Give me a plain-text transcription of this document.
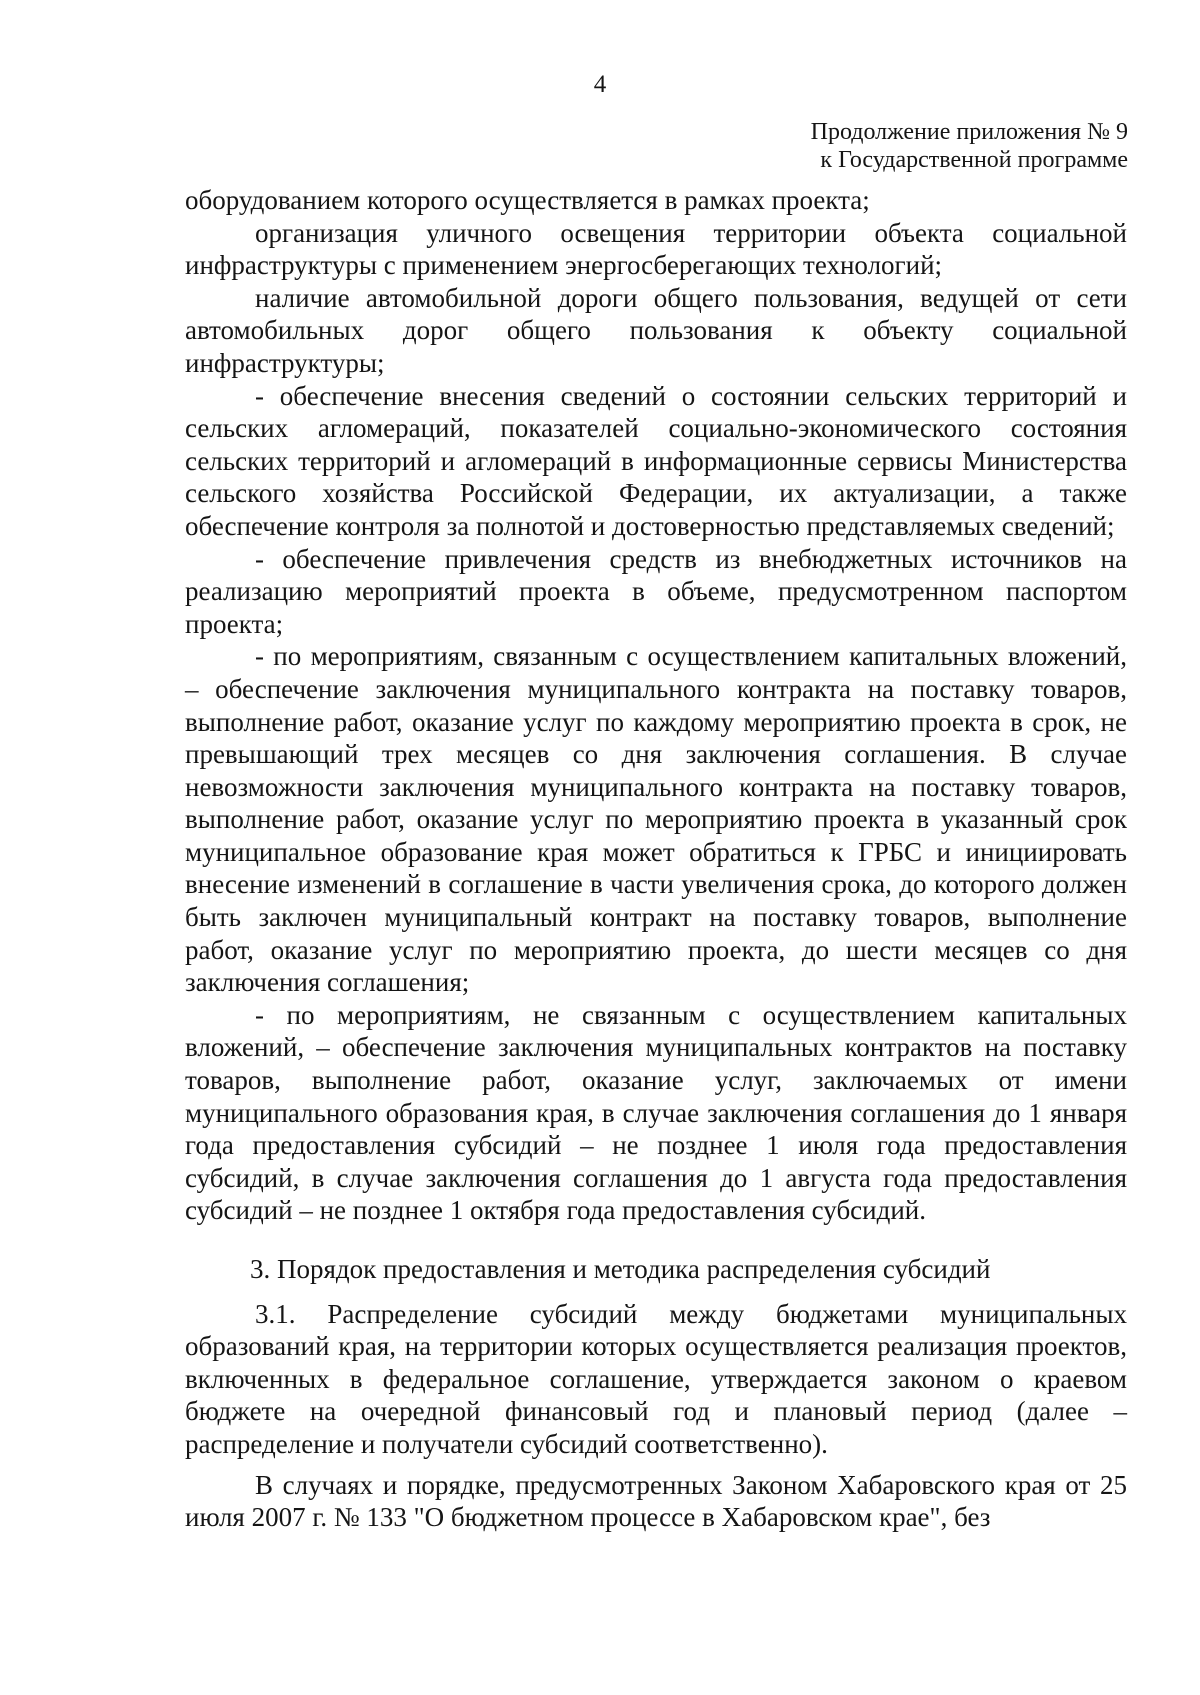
4
Продолжение приложения № 9
к Государственной программе

оборудованием которого осуществляется в рамках проекта;

организация уличного освещения территории объекта социальной инфраструктуры с применением энергосберегающих технологий;

наличие автомобильной дороги общего пользования, ведущей от сети автомобильных дорог общего пользования к объекту социальной инфраструктуры;

- обеспечение внесения сведений о состоянии сельских территорий и сельских агломераций, показателей социально-экономического состояния сельских территорий и агломераций в информационные сервисы Министерства сельского хозяйства Российской Федерации, их актуализации, а также обеспечение контроля за полнотой и достоверностью представляемых сведений;

- обеспечение привлечения средств из внебюджетных источников на реализацию мероприятий проекта в объеме, предусмотренном паспортом проекта;

- по мероприятиям, связанным с осуществлением капитальных вложений, – обеспечение заключения муниципального контракта на поставку товаров, выполнение работ, оказание услуг по каждому мероприятию проекта в срок, не превышающий трех месяцев со дня заключения соглашения. В случае невозможности заключения муниципального контракта на поставку товаров, выполнение работ, оказание услуг по мероприятию проекта в указанный срок муниципальное образование края может обратиться к ГРБС и инициировать внесение изменений в соглашение в части увеличения срока, до которого должен быть заключен муниципальный контракт на поставку товаров, выполнение работ, оказание услуг по мероприятию проекта, до шести месяцев со дня заключения соглашения;

- по мероприятиям, не связанным с осуществлением капитальных вложений, – обеспечение заключения муниципальных контрактов на поставку товаров, выполнение работ, оказание услуг, заключаемых от имени муниципального образования края, в случае заключения соглашения до 1 января года предоставления субсидий – не позднее 1 июля года предоставления субсидий, в случае заключения соглашения до 1 августа года предоставления субсидий – не позднее 1 октября года предоставления субсидий.

3. Порядок предоставления и методика распределения субсидий

3.1. Распределение субсидий между бюджетами муниципальных образований края, на территории которых осуществляется реализация проектов, включенных в федеральное соглашение, утверждается законом о краевом бюджете на очередной финансовый год и плановый период (далее – распределение и получатели субсидий соответственно).

В случаях и порядке, предусмотренных Законом Хабаровского края от 25 июля 2007 г. № 133 "О бюджетном процессе в Хабаровском крае", без
